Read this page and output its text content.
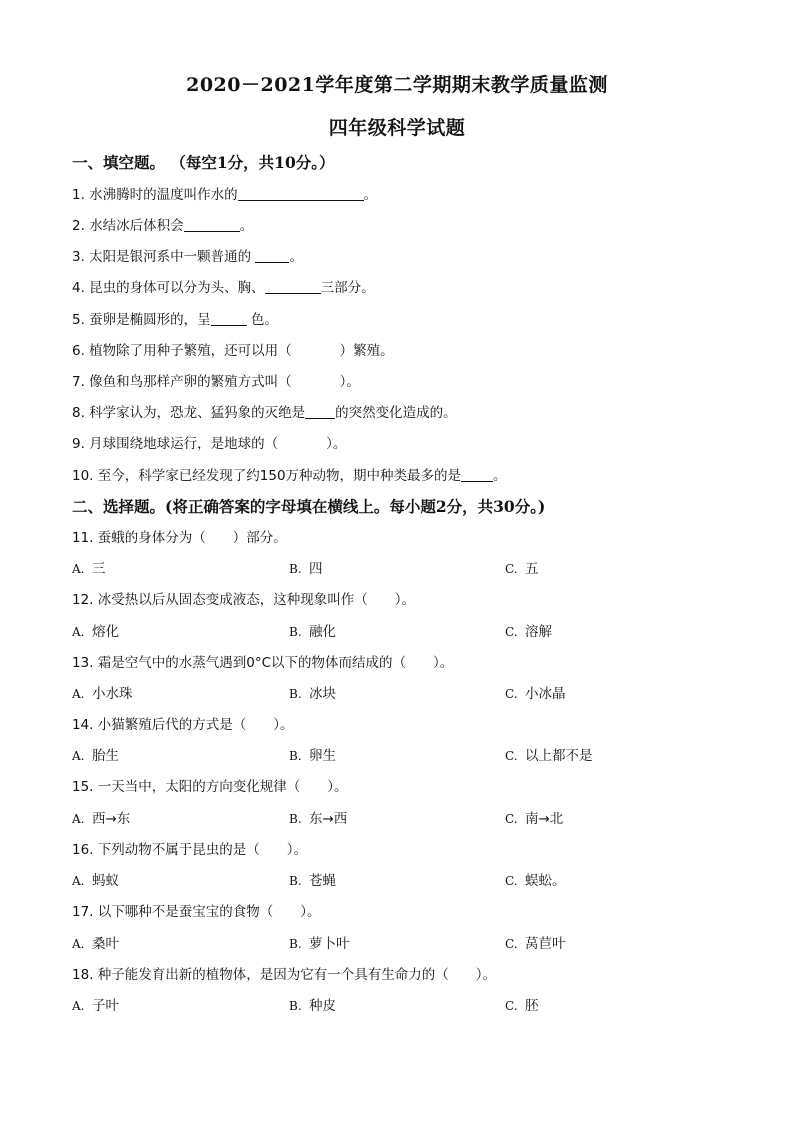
2020－2021学年度第二学期期末教学质量监测
四年级科学试题
一、填空题。 （每空1分，共10分。）
1. 水沸腾时的温度叫作水的	。
2. 水结冰后体积会	。
3. 太阳是银河系中一颗普通的	。
4. 昆虫的身体可以分为头、胸、	三部分。
5. 蚕卵是椭圆形的，呈	色。
6. 植物除了用种子繁殖，还可以用（	）繁殖。
7. 像鱼和鸟那样产卵的繁殖方式叫（	）。
8. 科学家认为，恐龙、猛犸象的灭绝是 的突然变化造成的。
9. 月球围绕地球运行，是地球的（	）。
10. 至今，科学家已经发现了约150万种动物，期中种类最多的是 。
二、选择题。(将正确答案的字母填在横线上。每小题2分，共30分。)
11. 蚕蛾的身体分为（　　）部分。
A. 三	B. 四	C. 五
12. 冰受热以后从固态变成液态，这种现象叫作（　　）。
A. 熔化	B. 融化	C. 溶解
13. 霜是空气中的水蒸气遇到0°C以下的物体而结成的（　　）。
A. 小水珠	B. 冰块	C. 小冰晶
14. 小猫繁殖后代的方式是（　　）。
A. 胎生	B. 卵生	C. 以上都不是
15. 一天当中，太阳的方向变化规律（　　）。
A. 西→东	B. 东→西	C. 南→北
16. 下列动物不属于昆虫的是（　　）。
A. 蚂蚁	B. 苍蝇	C. 蜈蚣。
17. 以下哪种不是蚕宝宝的食物（　　）。
A. 桑叶	B. 萝卜叶	C. 莴苣叶
18. 种子能发育出新的植物体，是因为它有一个具有生命力的（　　）。
A. 子叶	B. 种皮	C. 胚
